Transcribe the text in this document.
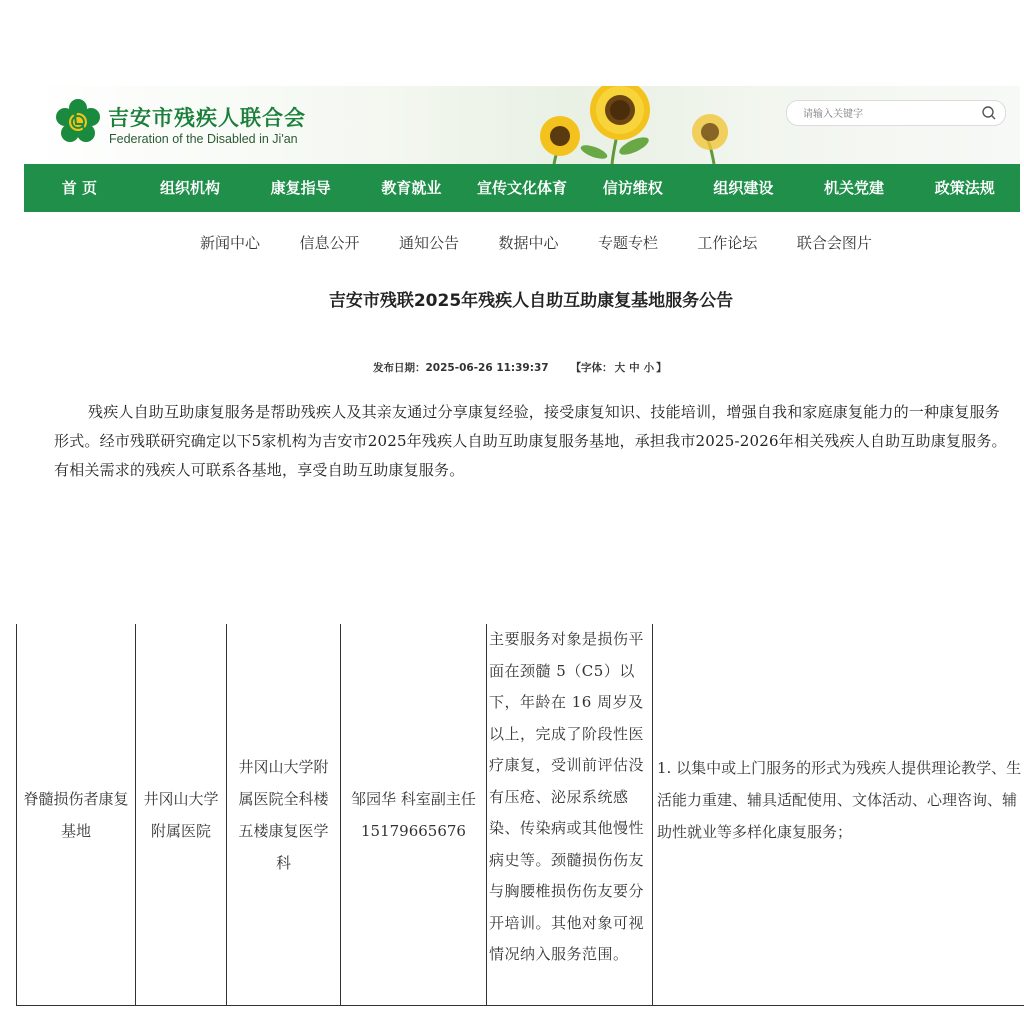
吉安市残疾人联合会
Federation of the Disabled in Ji'an
请输入关键字
首 页	组织机构	康复指导	教育就业	宣传文化体育	信访维权	组织建设	机关党建	政策法规
新闻中心	信息公开	通知公告	数据中心	专题专栏	工作论坛	联合会图片
吉安市残联2025年残疾人自助互助康复基地服务公告
发布日期：2025-06-26 11:39:37 【字体： 大 中 小 】
残疾人自助互助康复服务是帮助残疾人及其亲友通过分享康复经验，接受康复知识、技能培训，增强自我和家庭康复能力的一种康复服务形式。经市残联研究确定以下5家机构为吉安市2025年残疾人自助互助康复服务基地，承担我市2025-2026年相关残疾人自助互助康复服务。有相关需求的残疾人可联系各基地，享受自助互助康复服务。
脊髓损伤者康复基地	井冈山大学附属医院	井冈山大学附属医院全科楼五楼康复医学科	邹园华 科室副主任15179665676	主要服务对象是损伤平面在颈髓 5（C5）以下，年龄在 16 周岁及以上，完成了阶段性医疗康复，受训前评估没有压疮、泌尿系统感染、传染病或其他慢性病史等。颈髓损伤伤友与胸腰椎损伤伤友要分开培训。其他对象可视情况纳入服务范围。	1. 以集中或上门服务的形式为残疾人提供理论教学、生活能力重建、辅具适配使用、文体活动、心理咨询、辅助性就业等多样化康复服务；
